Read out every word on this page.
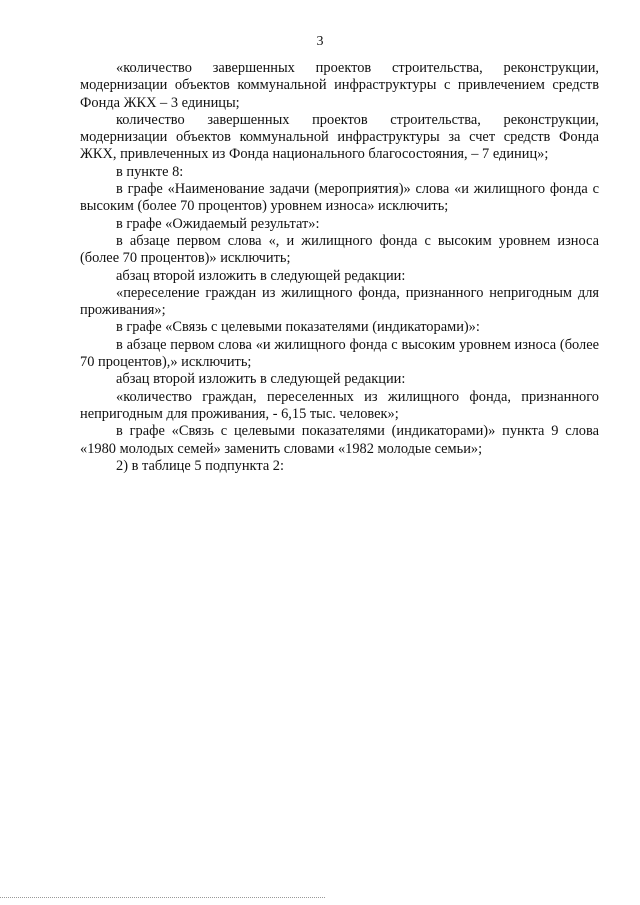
3

«количество завершенных проектов строительства, реконструкции, модернизации объектов коммунальной инфраструктуры с привлечением средств Фонда ЖКХ – 3 единицы;

количество завершенных проектов строительства, реконструкции, модернизации объектов коммунальной инфраструктуры за счет средств Фонда ЖКХ, привлеченных из Фонда национального благосостояния, – 7 единиц»;

в пункте 8:

в графе «Наименование задачи (мероприятия)» слова «и жилищного фонда с высоким (более 70 процентов) уровнем износа» исключить;

в графе «Ожидаемый результат»:

в абзаце первом слова «, и жилищного фонда с высоким уровнем износа (более 70 процентов)» исключить;

абзац второй изложить в следующей редакции:

«переселение граждан из жилищного фонда, признанного непригодным для проживания»;

в графе «Связь с целевыми показателями (индикаторами)»:

в абзаце первом слова «и жилищного фонда с высоким уровнем износа (более 70 процентов),» исключить;

абзац второй изложить в следующей редакции:

«количество граждан, переселенных из жилищного фонда, признанного непригодным для проживания, - 6,15 тыс. человек»;

в графе «Связь с целевыми показателями (индикаторами)» пункта 9 слова «1980 молодых семей» заменить словами «1982 молодые семьи»;

2) в таблице 5 подпункта 2:
